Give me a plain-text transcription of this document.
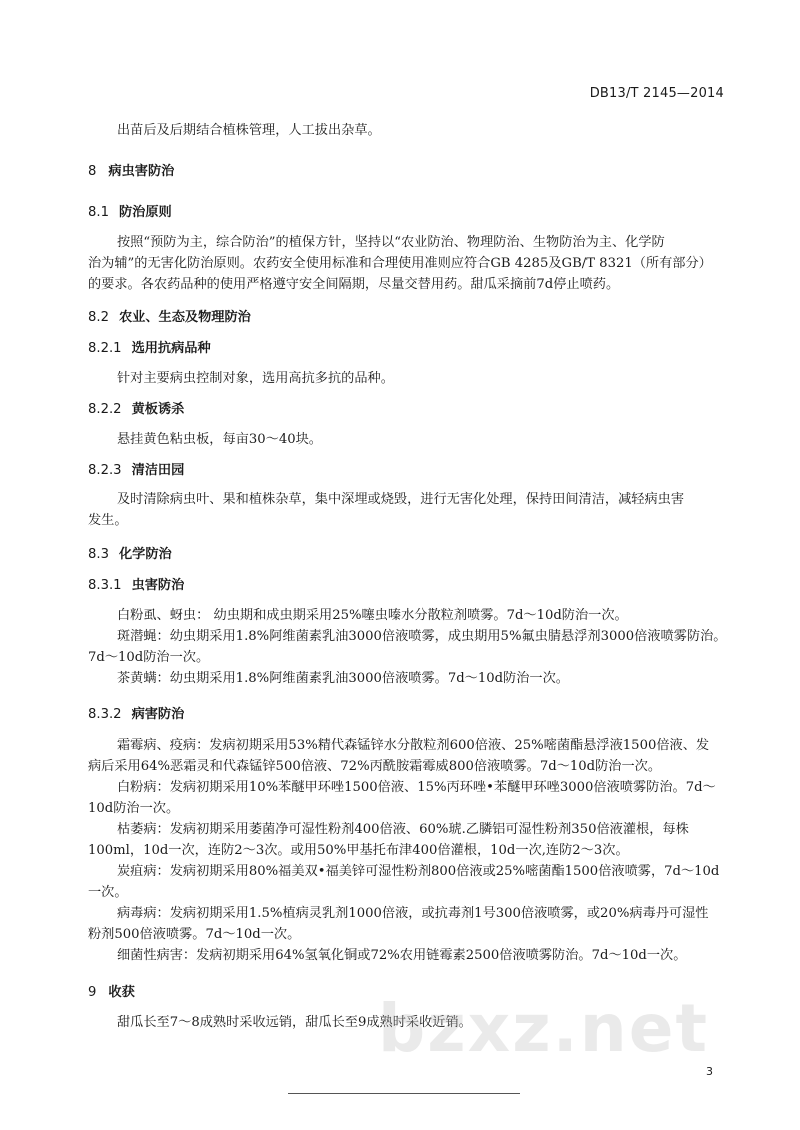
DB13/T 2145—2014

出苗后及后期结合植株管理，人工拔出杂草。

8 病虫害防治

8.1 防治原则

按照“预防为主，综合防治”的植保方针，坚持以“农业防治、物理防治、生物防治为主、化学防

治为辅”的无害化防治原则。农药安全使用标准和合理使用准则应符合GB 4285及GB/T 8321（所有部分）

的要求。各农药品种的使用严格遵守安全间隔期，尽量交替用药。甜瓜采摘前7d停止喷药。

8.2 农业、生态及物理防治

8.2.1 选用抗病品种

针对主要病虫控制对象，选用高抗多抗的品种。

8.2.2 黄板诱杀

悬挂黄色粘虫板，每亩30～40块。

8.2.3 清洁田园

及时清除病虫叶、果和植株杂草，集中深埋或烧毁，进行无害化处理，保持田间清洁，减轻病虫害

发生。

8.3 化学防治

8.3.1 虫害防治

白粉虱、蚜虫： 幼虫期和成虫期采用25%噻虫嗪水分散粒剂喷雾。7d～10d防治一次。

斑潜蝇：幼虫期采用1.8%阿维菌素乳油3000倍液喷雾，成虫期用5%氟虫腈悬浮剂3000倍液喷雾防治。

7d～10d防治一次。

茶黄螨：幼虫期采用1.8%阿维菌素乳油3000倍液喷雾。7d～10d防治一次。

8.3.2 病害防治

霜霉病、疫病：发病初期采用53%精代森锰锌水分散粒剂600倍液、25%嘧菌酯悬浮液1500倍液、发

病后采用64%恶霜灵和代森锰锌500倍液、72%丙酰胺霜霉威800倍液喷雾。7d～10d防治一次。

白粉病：发病初期采用10%苯醚甲环唑1500倍液、15%丙环唑•苯醚甲环唑3000倍液喷雾防治。7d～

10d防治一次。

枯萎病：发病初期采用萎菌净可湿性粉剂400倍液、60%琥.乙膦铝可湿性粉剂350倍液灌根，每株

100ml，10d一次，连防2～3次。或用50%甲基托布津400倍灌根，10d一次,连防2～3次。

炭疽病：发病初期采用80%福美双•福美锌可湿性粉剂800倍液或25%嘧菌酯1500倍液喷雾，7d～10d

一次。

病毒病：发病初期采用1.5%植病灵乳剂1000倍液，或抗毒剂1号300倍液喷雾，或20%病毒丹可湿性

粉剂500倍液喷雾。7d～10d一次。

细菌性病害：发病初期采用64%氢氧化铜或72%农用链霉素2500倍液喷雾防治。7d～10d一次。

9 收获

甜瓜长至7～8成熟时采收远销，甜瓜长至9成熟时采收近销。

bzxz.net
3
